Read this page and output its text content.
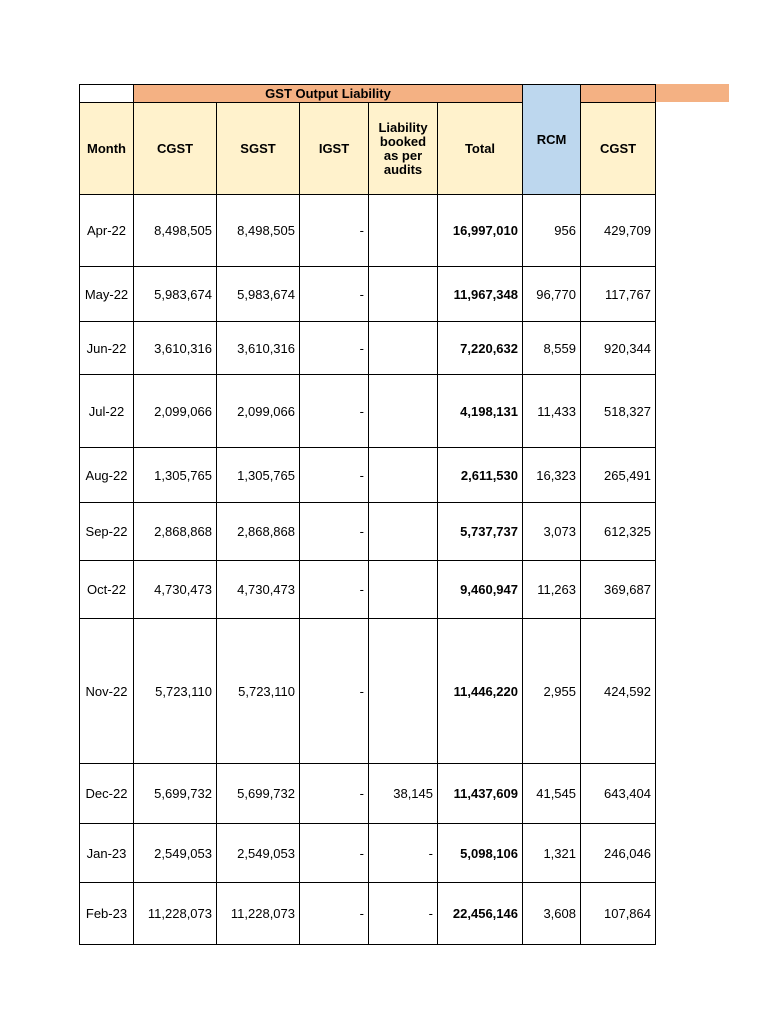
	GST Output Liability					RCM	
Month	CGST	SGST	IGST	Liability booked as per audits	Total		CGST
Apr-22	8,498,505	8,498,505	-		16,997,010	956	429,709
May-22	5,983,674	5,983,674	-		11,967,348	96,770	117,767
Jun-22	3,610,316	3,610,316	-		7,220,632	8,559	920,344
Jul-22	2,099,066	2,099,066	-		4,198,131	11,433	518,327
Aug-22	1,305,765	1,305,765	-		2,611,530	16,323	265,491
Sep-22	2,868,868	2,868,868	-		5,737,737	3,073	612,325
Oct-22	4,730,473	4,730,473	-		9,460,947	11,263	369,687
Nov-22	5,723,110	5,723,110	-		11,446,220	2,955	424,592
Dec-22	5,699,732	5,699,732	-	38,145	11,437,609	41,545	643,404
Jan-23	2,549,053	2,549,053	-	-	5,098,106	1,321	246,046
Feb-23	11,228,073	11,228,073	-	-	22,456,146	3,608	107,864
